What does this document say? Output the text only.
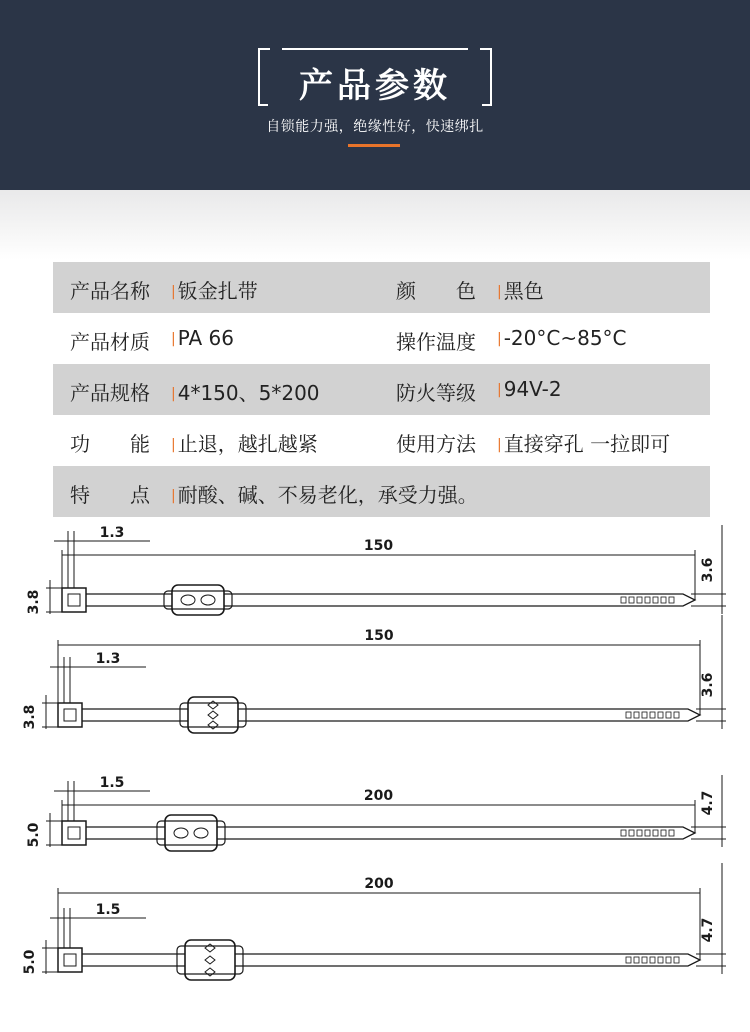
产品参数
自锁能力强，绝缘性好，快速绑扎
产品名称 | 钣金扎带	颜　　色 | 黑色
产品材质 | PA 66	操作温度 | -20°C~85°C
产品规格 | 4*150、5*200	防火等级 | 94V-2
功　　能 | 止退，越扎越紧	使用方法 | 直接穿孔 一拉即可
特　　点 | 耐酸、碱、不易老化，承受力强。
150
1.3
3.8
3.6
150
1.3
3.8
3.6
200
1.5
5.0
4.7
200
1.5
5.0
4.7
